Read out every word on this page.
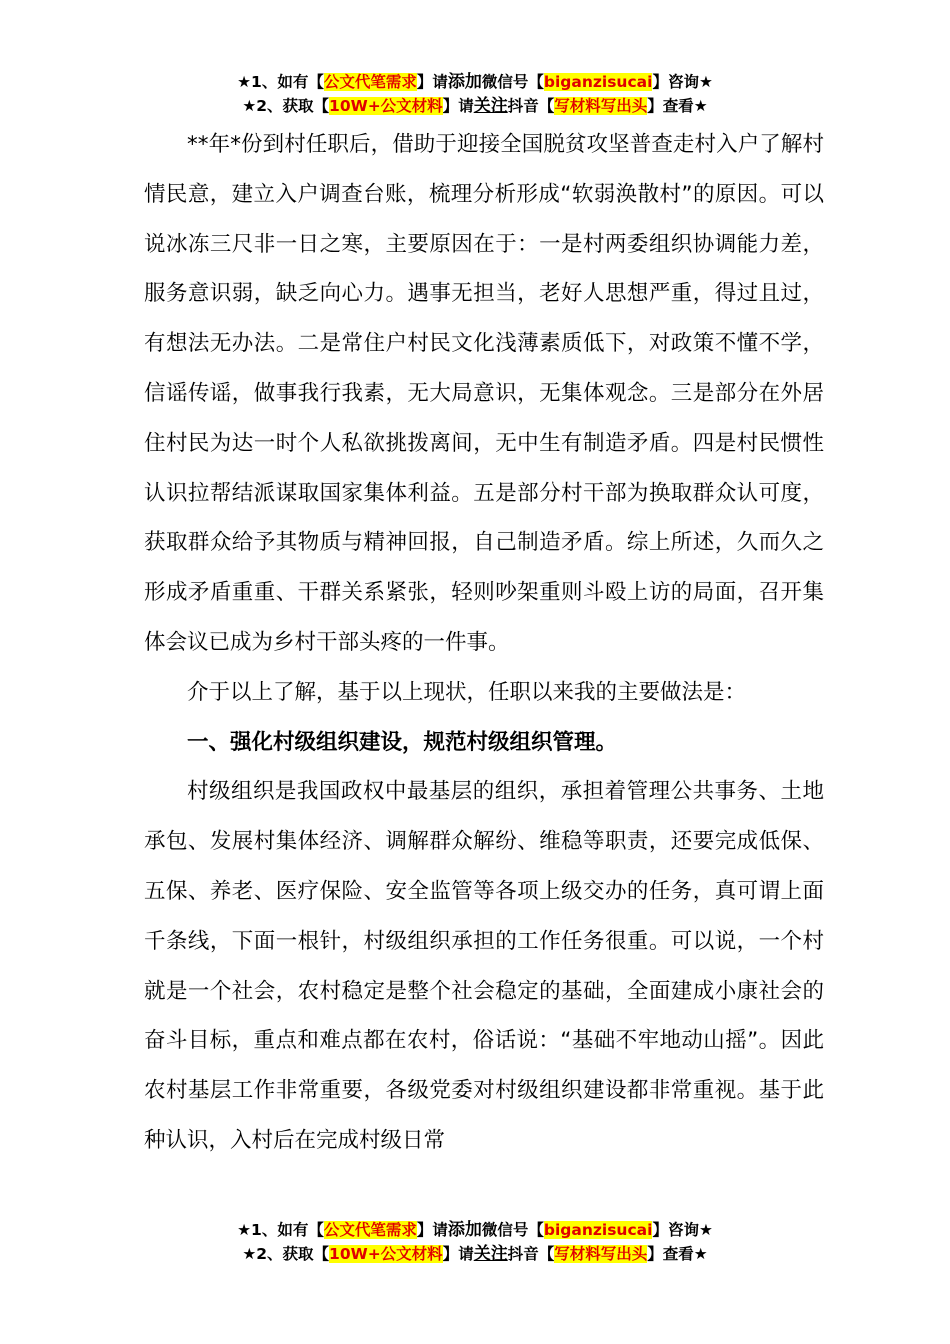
★1、如有【公文代笔需求】请添加微信号【biganzisucai】咨询★
★2、获取【10W+公文材料】请关注抖音【写材料写出头】查看★

**年*份到村任职后，借助于迎接全国脱贫攻坚普查走村入户了解村情民意，建立入户调查台账，梳理分析形成“软弱涣散村”的原因。可以说冰冻三尺非一日之寒，主要原因在于：一是村两委组织协调能力差，服务意识弱，缺乏向心力。遇事无担当，老好人思想严重，得过且过，有想法无办法。二是常住户村民文化浅薄素质低下，对政策不懂不学，信谣传谣，做事我行我素，无大局意识，无集体观念。三是部分在外居住村民为达一时个人私欲挑拨离间，无中生有制造矛盾。四是村民惯性认识拉帮结派谋取国家集体利益。五是部分村干部为换取群众认可度，获取群众给予其物质与精神回报，自己制造矛盾。综上所述，久而久之形成矛盾重重、干群关系紧张，轻则吵架重则斗殴上访的局面，召开集体会议已成为乡村干部头疼的一件事。

介于以上了解，基于以上现状，任职以来我的主要做法是：

一、强化村级组织建设，规范村级组织管理。

村级组织是我国政权中最基层的组织，承担着管理公共事务、土地承包、发展村集体经济、调解群众解纷、维稳等职责，还要完成低保、五保、养老、医疗保险、安全监管等各项上级交办的任务，真可谓上面千条线，下面一根针，村级组织承担的工作任务很重。可以说，一个村就是一个社会，农村稳定是整个社会稳定的基础，全面建成小康社会的奋斗目标，重点和难点都在农村，俗话说：“基础不牢地动山摇”。因此农村基层工作非常重要，各级党委对村级组织建设都非常重视。基于此种认识，入村后在完成村级日常

★1、如有【公文代笔需求】请添加微信号【biganzisucai】咨询★
★2、获取【10W+公文材料】请关注抖音【写材料写出头】查看★
